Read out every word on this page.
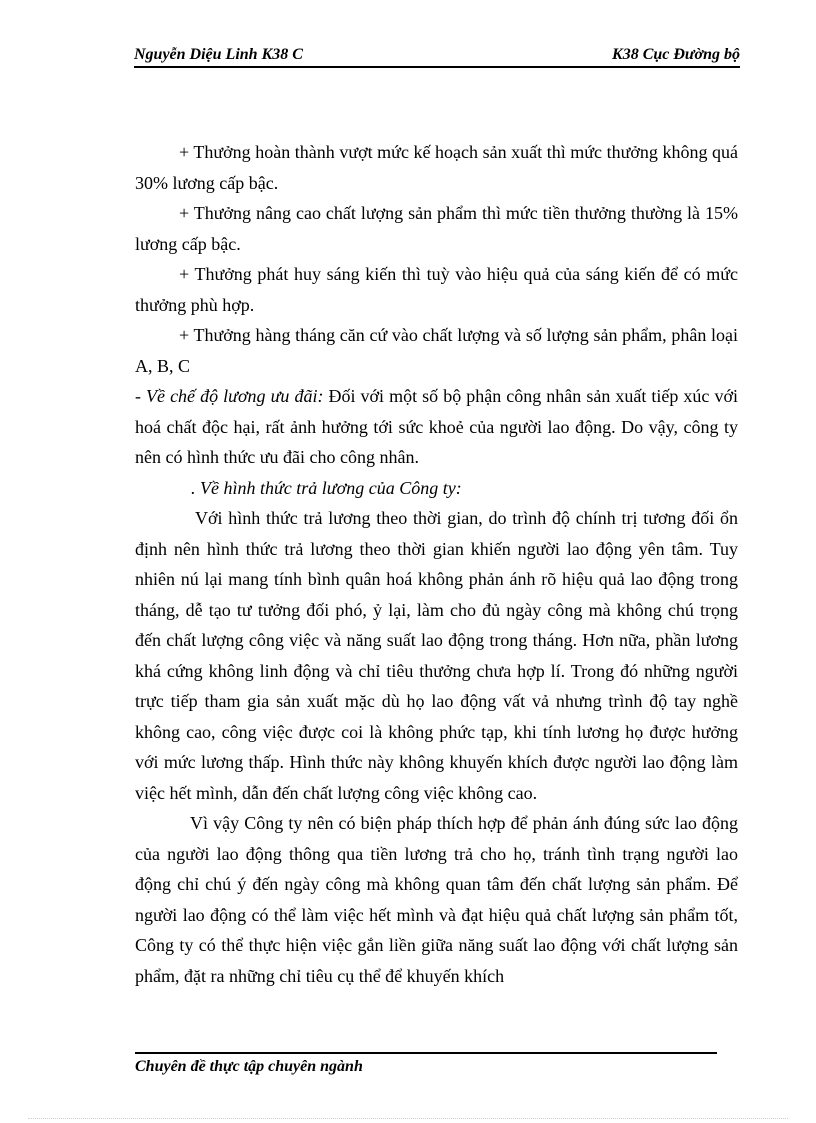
Nguyễn Diệu Linh K38 C	K38 Cục Đường bộ

+ Thưởng hoàn thành vượt mức kế hoạch sản xuất thì mức thưởng không quá 30% lương cấp bậc.

+ Thưởng nâng cao chất lượng sản phẩm thì mức tiền thưởng thường là 15% lương cấp bậc.

+ Thưởng phát huy sáng kiến thì tuỳ vào hiệu quả của sáng kiến để có mức thưởng phù hợp.

+ Thưởng hàng tháng căn cứ vào chất lượng và số lượng sản phẩm, phân loại A, B, C

- Về chế độ lương ưu đãi: Đối với một số bộ phận công nhân sản xuất tiếp xúc với hoá chất độc hại, rất ảnh hưởng tới sức khoẻ của người lao động. Do vậy, công ty nên có hình thức ưu đãi cho công nhân.

. Về hình thức trả lương của Công ty:

Với hình thức trả lương theo thời gian, do trình độ chính trị tương đối ổn định nên hình thức trả lương theo thời gian khiến người lao động yên tâm. Tuy nhiên nú lại mang tính bình quân hoá không phản ánh rõ hiệu quả lao động trong tháng, dễ tạo tư tưởng đối phó, ỷ lại, làm cho đủ ngày công mà không chú trọng đến chất lượng công việc và năng suất lao động trong tháng. Hơn nữa, phần lương khá cứng không linh động và chỉ tiêu thưởng chưa hợp lí. Trong đó những người trực tiếp tham gia sản xuất mặc dù họ lao động vất vả nhưng trình độ tay nghề không cao, công việc được coi là không phức tạp, khi tính lương họ được hưởng với mức lương thấp. Hình thức này không khuyến khích được người lao động làm việc hết mình, dẫn đến chất lượng công việc không cao.

Vì vậy Công ty nên có biện pháp thích hợp để phản ánh đúng sức lao động của người lao động thông qua tiền lương trả cho họ, tránh tình trạng người lao động chỉ chú ý đến ngày công mà không quan tâm đến chất lượng sản phẩm. Để người lao động có thể làm việc hết mình và đạt hiệu quả chất lượng sản phẩm tốt, Công ty có thể thực hiện việc gắn liền giữa năng suất lao động với chất lượng sản phẩm, đặt ra những chỉ tiêu cụ thể để khuyến khích

Chuyên đề thực tập chuyên ngành
